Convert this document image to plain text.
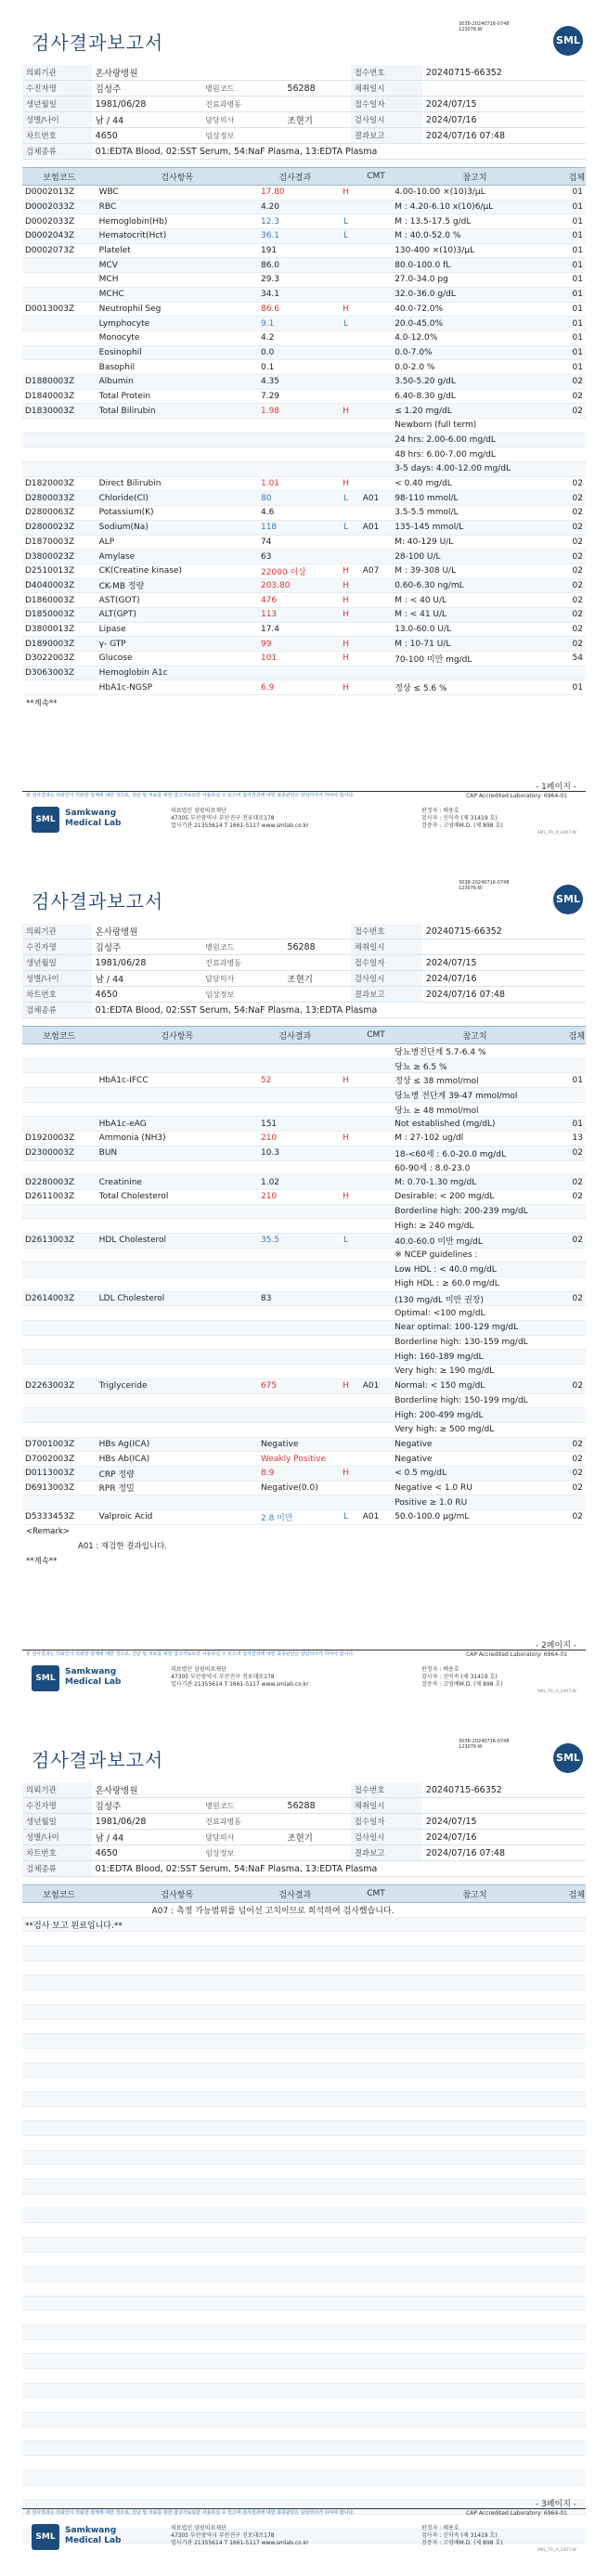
검사결과보고서
3038-20240716-0748
123076-W
SML
의뢰기관	온사랑병원			접수번호	20240715-66352
수진자명	김성주	병원코드	56288	채취일시	
생년월일	1981/06/28	진료과병동		접수일자	2024/07/15
성별/나이	남 / 44	담당의사	조현기	검사일시	2024/07/16
차트번호	4650	임상정보		결과보고	2024/07/16 07:48
검체종류	01:EDTA Blood, 02:SST Serum, 54:NaF Plasma, 13:EDTA Plasma				
보험코드	검사항목	검사결과		CMT	참고치	검체
D0002013Z	WBC	17.80	H		4.00-10.00 ×(10)3/μL	01
D0002033Z	RBC	4.20			M : 4.20-6.10 x(10)6/μL	01
D0002033Z	Hemoglobin(Hb)	12.3	L		M : 13.5-17.5 g/dL	01
D0002043Z	Hematocrit(Hct)	36.1	L		M : 40.0-52.0 %	01
D0002073Z	Platelet	191			130-400 ×(10)3/μL	01
	MCV	86.0			80.0-100.0 fL	01
	MCH	29.3			27.0-34.0 pg	01
	MCHC	34.1			32.0-36.0 g/dL	01
D0013003Z	Neutrophil Seg	86.6	H		40.0-72.0%	01
	Lymphocyte	9.1	L		20.0-45.0%	01
	Monocyte	4.2			4.0-12.0%	01
	Eosinophil	0.0			0.0-7.0%	01
	Basophil	0.1			0.0-2.0 %	01
D1880003Z	Albumin	4.35			3.50-5.20 g/dL	02
D1840003Z	Total Protein	7.29			6.40-8.30 g/dL	02
D1830003Z	Total Bilirubin	1.98	H		≤ 1.20 mg/dL	02
					Newborn (full term)	
					24 hrs: 2.00-6.00 mg/dL	
					48 hrs: 6.00-7.00 mg/dL	
					3-5 days: 4.00-12.00 mg/dL	
D1820003Z	Direct Bilirubin	1.01	H		< 0.40 mg/dL	02
D2800033Z	Chloride(Cl)	80	L	A01	98-110 mmol/L	02
D2800063Z	Potassium(K)	4.6			3.5-5.5 mmol/L	02
D2800023Z	Sodium(Na)	118	L	A01	135-145 mmol/L	02
D1870003Z	ALP	74			M: 40-129 U/L	02
D3800023Z	Amylase	63			28-100 U/L	02
D2510013Z	CK(Creatine kinase)	22000 이상	H	A07	M : 39-308 U/L	02
D4040003Z	CK-MB 정량	203.80	H		0.60-6.30 ng/mL	02
D1860003Z	AST(GOT)	476	H		M : < 40 U/L	02
D1850003Z	ALT(GPT)	113	H		M : < 41 U/L	02
D3800013Z	Lipase	17.4			13.0-60.0 U/L	02
D1890003Z	γ- GTP	99	H		M : 10-71 U/L	02
D3022003Z	Glucose	101	H		70-100 미만 mg/dL	54
D3063003Z	Hemoglobin A1c					
	HbA1c-NGSP	6.9	H		정상 ≤ 5.6 %	01
**계속**
- 1페이지 -
본 검사결과는 의뢰인이 의뢰한 검체에 대한 것으로, 진단 및 치료를 위한 참고자료로만 사용하실 수 있으며 검사결과에 대한 최종판단은 담당의사가 하여야 합니다.	CAP Accredited Laboratory: 6964-01
SML
Samkwang
Medical Lab
의료법인 삼광의료재단
47305 부산광역시 부산진구 전포대로178
업사기관 21355614 T 1661-5117 www.smlab.co.kr
판정자 : 배용호
검사자 : 신익속 (제 31419 호)
검증자 : 고영배M.D. (제 898 호)
SML_TR_A_2407-W
검사결과보고서
3038-20240716-0748
123076-W
SML
의뢰기관	온사랑병원			접수번호	20240715-66352
수진자명	김성주	병원코드	56288	채취일시	
생년월일	1981/06/28	진료과병동		접수일자	2024/07/15
성별/나이	남 / 44	담당의사	조현기	검사일시	2024/07/16
차트번호	4650	임상정보		결과보고	2024/07/16 07:48
검체종류	01:EDTA Blood, 02:SST Serum, 54:NaF Plasma, 13:EDTA Plasma				
보험코드	검사항목	검사결과		CMT	참고치	검체
					당뇨병전단계 5.7-6.4 %	
					당뇨 ≥ 6.5 %	
	HbA1c-IFCC	52	H		정상 ≤ 38 mmol/mol	01
					당뇨병 전단계 39-47 mmol/mol	
					당뇨 ≥ 48 mmol/mol	
	HbA1c-eAG	151			Not established (mg/dL)	01
D1920003Z	Ammonia (NH3)	210	H		M : 27-102 ug/dl	13
D2300003Z	BUN	10.3			18-<60세 : 6.0-20.0 mg/dL	02
					60-90세 : 8.0-23.0	
D2280003Z	Creatinine	1.02			M: 0.70-1.30 mg/dL	02
D2611003Z	Total Cholesterol	210	H		Desirable: < 200 mg/dL	02
					Borderline high: 200-239 mg/dL	
					High: ≥ 240 mg/dL	
D2613003Z	HDL Cholesterol	35.5	L		40.0-60.0 미만 mg/dL	02
					※ NCEP guidelines :	
					Low HDL : < 40.0 mg/dL	
					High HDL : ≥ 60.0 mg/dL	
D2614003Z	LDL Cholesterol	83			(130 mg/dL 미만 권장)	02
					Optimal: <100 mg/dL	
					Near optimal: 100-129 mg/dL	
					Borderline high: 130-159 mg/dL	
					High: 160-189 mg/dL	
					Very high: ≥ 190 mg/dL	
D2263003Z	Triglyceride	675	H	A01	Normal: < 150 mg/dL	02
					Borderline high: 150-199 mg/dL	
					High: 200-499 mg/dL	
					Very high: ≥ 500 mg/dL	
D7001003Z	HBs Ag(ICA)	Negative			Negative	02
D7002003Z	HBs Ab(ICA)	Weakly Positive			Negative	02
D0113003Z	CRP 정량	8.9	H		< 0.5 mg/dL	02
D6913003Z	RPR 정밀	Negative(0.0)			Negative < 1.0 RU	02
					Positive ≥ 1.0 RU	
D5333453Z	Valproic Acid	2.8 미만	L	A01	50.0-100.0 μg/mL	02
<Remark>
A01 : 재검한 결과입니다.
**계속**
- 2페이지 -
본 검사결과는 의뢰인이 의뢰한 검체에 대한 것으로, 진단 및 치료를 위한 참고자료로만 사용하실 수 있으며 검사결과에 대한 최종판단은 담당의사가 하여야 합니다.	CAP Accredited Laboratory: 6964-01
SML
Samkwang
Medical Lab
의료법인 삼광의료재단
47305 부산광역시 부산진구 전포대로178
업사기관 21355614 T 1661-5117 www.smlab.co.kr
판정자 : 배용호
검사자 : 신익속 (제 31419 호)
검증자 : 고영배M.D. (제 898 호)
SML_TR_A_2407-W
검사결과보고서
3038-20240716-0748
123076-W
SML
의뢰기관	온사랑병원			접수번호	20240715-66352
수진자명	김성주	병원코드	56288	채취일시	
생년월일	1981/06/28	진료과병동		접수일자	2024/07/15
성별/나이	남 / 44	담당의사	조현기	검사일시	2024/07/16
차트번호	4650	임상정보		결과보고	2024/07/16 07:48
검체종류	01:EDTA Blood, 02:SST Serum, 54:NaF Plasma, 13:EDTA Plasma				
보험코드	검사항목	검사결과		CMT	참고치	검체
	A07 : 측정 가능범위를 넘어선 고치이므로 희석하여 검사했습니다.					
**검사 보고 왼료입니다.**						

- 3페이지 -
본 검사결과는 의뢰인이 의뢰한 검체에 대한 것으로, 진단 및 치료를 위한 참고자료로만 사용하실 수 있으며 검사결과에 대한 최종판단은 담당의사가 하여야 합니다.	CAP Accredited Laboratory: 6964-01
SML
Samkwang
Medical Lab
의료법인 삼광의료재단
47305 부산광역시 부산진구 전포대로178
업사기관 21355614 T 1661-5117 www.smlab.co.kr
판정자 : 배용호
검사자 : 신익속 (제 31419 호)
검증자 : 고영배M.D. (제 898 호)
SML_TR_A_2407-W
